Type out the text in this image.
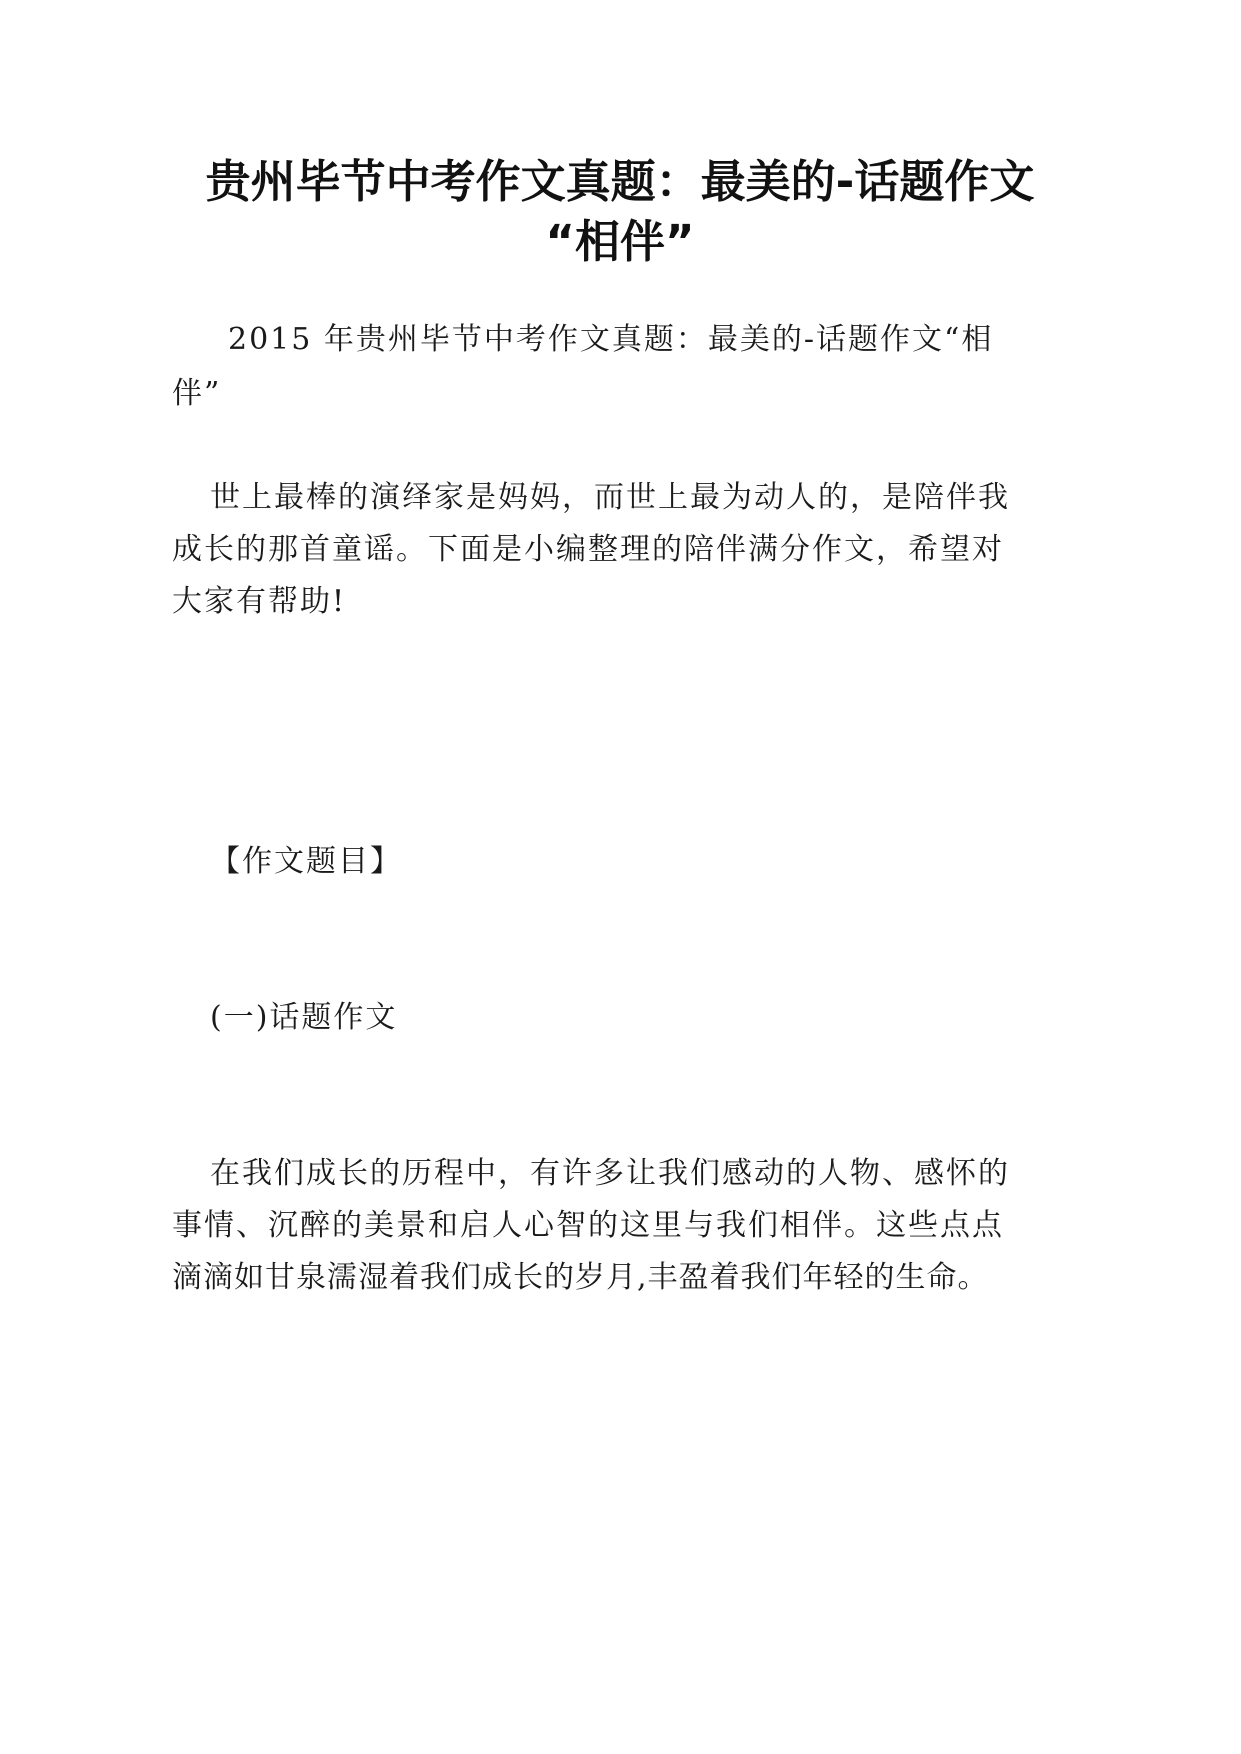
贵州毕节中考作文真题：最美的-话题作文
“相伴”
2015 年贵州毕节中考作文真题：最美的-话题作文“相
伴”
世上最棒的演绎家是妈妈，而世上最为动人的，是陪伴我
成长的那首童谣。下面是小编整理的陪伴满分作文，希望对
大家有帮助!
【作文题目】
(一)话题作文
在我们成长的历程中，有许多让我们感动的人物、感怀的
事情、沉醉的美景和启人心智的这里与我们相伴。这些点点
滴滴如甘泉濡湿着我们成长的岁月,丰盈着我们年轻的生命。
